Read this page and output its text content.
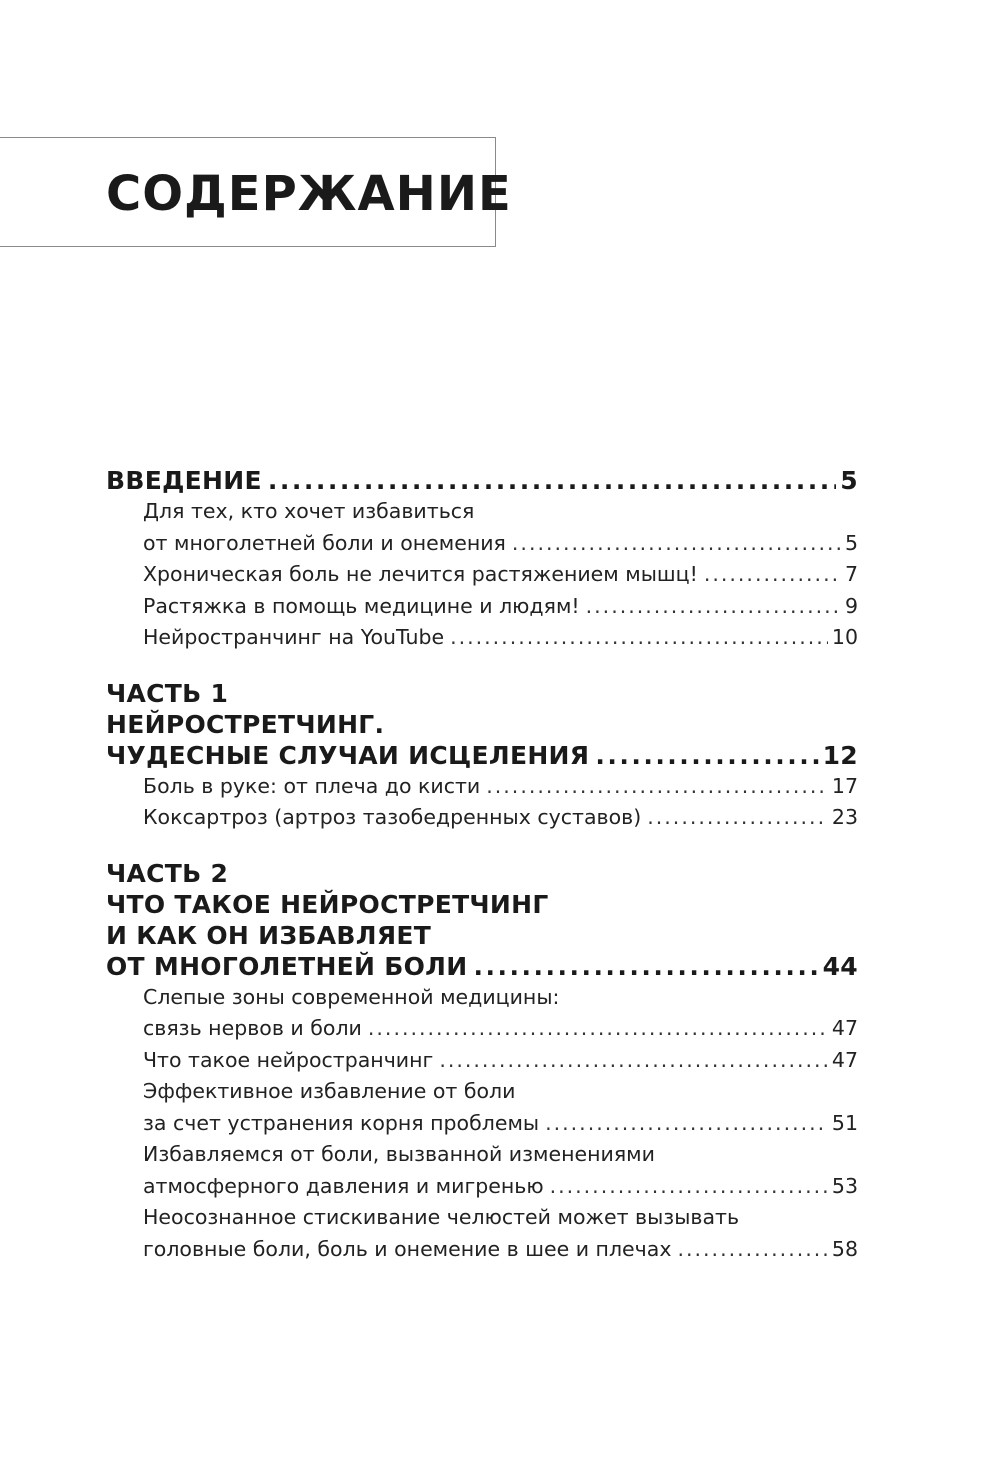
СОДЕРЖАНИЕ
ВВЕДЕНИЕ .....	5
Для тех, кто хочет избавиться
от многолетней боли и онемения .....	5
Хроническая боль не лечится растяжением мышц! .....	7
Растяжка в помощь медицине и людям! .....	9
Нейространчинг на YouTube .....	10
ЧАСТЬ 1
НЕЙРОСТРЕТЧИНГ.
ЧУДЕСНЫЕ СЛУЧАИ ИСЦЕЛЕНИЯ .....	12
Боль в руке: от плеча до кисти .....	17
Коксартроз (артроз тазобедренных суставов) .....	23
ЧАСТЬ 2
ЧТО ТАКОЕ НЕЙРОСТРЕТЧИНГ
И КАК ОН ИЗБАВЛЯЕТ
ОТ МНОГОЛЕТНЕЙ БОЛИ .....	44
Слепые зоны современной медицины:
связь нервов и боли .....	47
Что такое нейространчинг .....	47
Эффективное избавление от боли
за счет устранения корня проблемы .....	51
Избавляемся от боли, вызванной изменениями
атмосферного давления и мигренью .....	53
Неосознанное стискивание челюстей может вызывать
головные боли, боль и онемение в шее и плечах .....	58
